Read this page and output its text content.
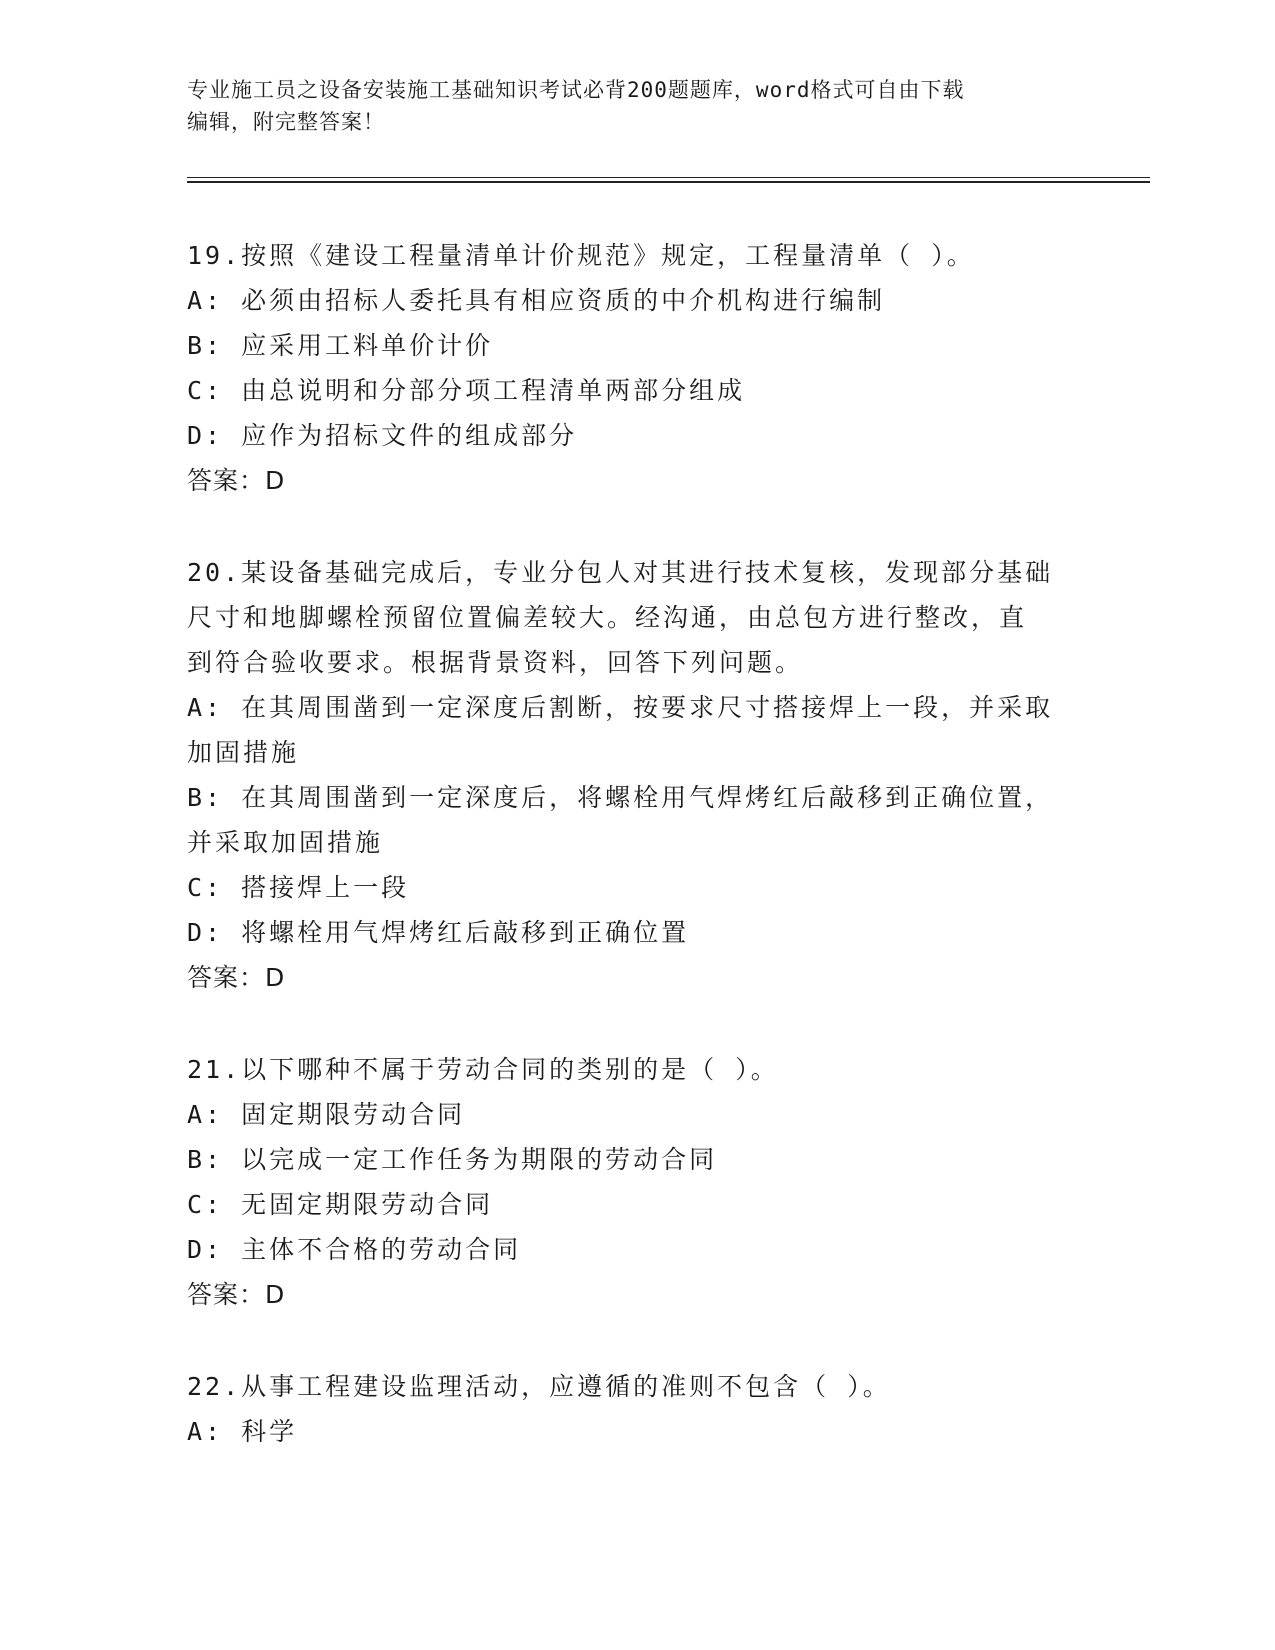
专业施工员之设备安装施工基础知识考试必背200题题库，word格式可自由下载
编辑，附完整答案！
19.按照《建设工程量清单计价规范》规定，工程量清单（ ）。
A: 必须由招标人委托具有相应资质的中介机构进行编制
B: 应采用工料单价计价
C: 由总说明和分部分项工程清单两部分组成
D: 应作为招标文件的组成部分
答案：D
20.某设备基础完成后，专业分包人对其进行技术复核，发现部分基础
尺寸和地脚螺栓预留位置偏差较大。经沟通，由总包方进行整改，直
到符合验收要求。根据背景资料，回答下列问题。
A: 在其周围凿到一定深度后割断，按要求尺寸搭接焊上一段，并采取
加固措施
B: 在其周围凿到一定深度后，将螺栓用气焊烤红后敲移到正确位置，
并采取加固措施
C: 搭接焊上一段
D: 将螺栓用气焊烤红后敲移到正确位置
答案：D
21.以下哪种不属于劳动合同的类别的是（ ）。
A: 固定期限劳动合同
B: 以完成一定工作任务为期限的劳动合同
C: 无固定期限劳动合同
D: 主体不合格的劳动合同
答案：D
22.从事工程建设监理活动，应遵循的准则不包含（ ）。
A: 科学
